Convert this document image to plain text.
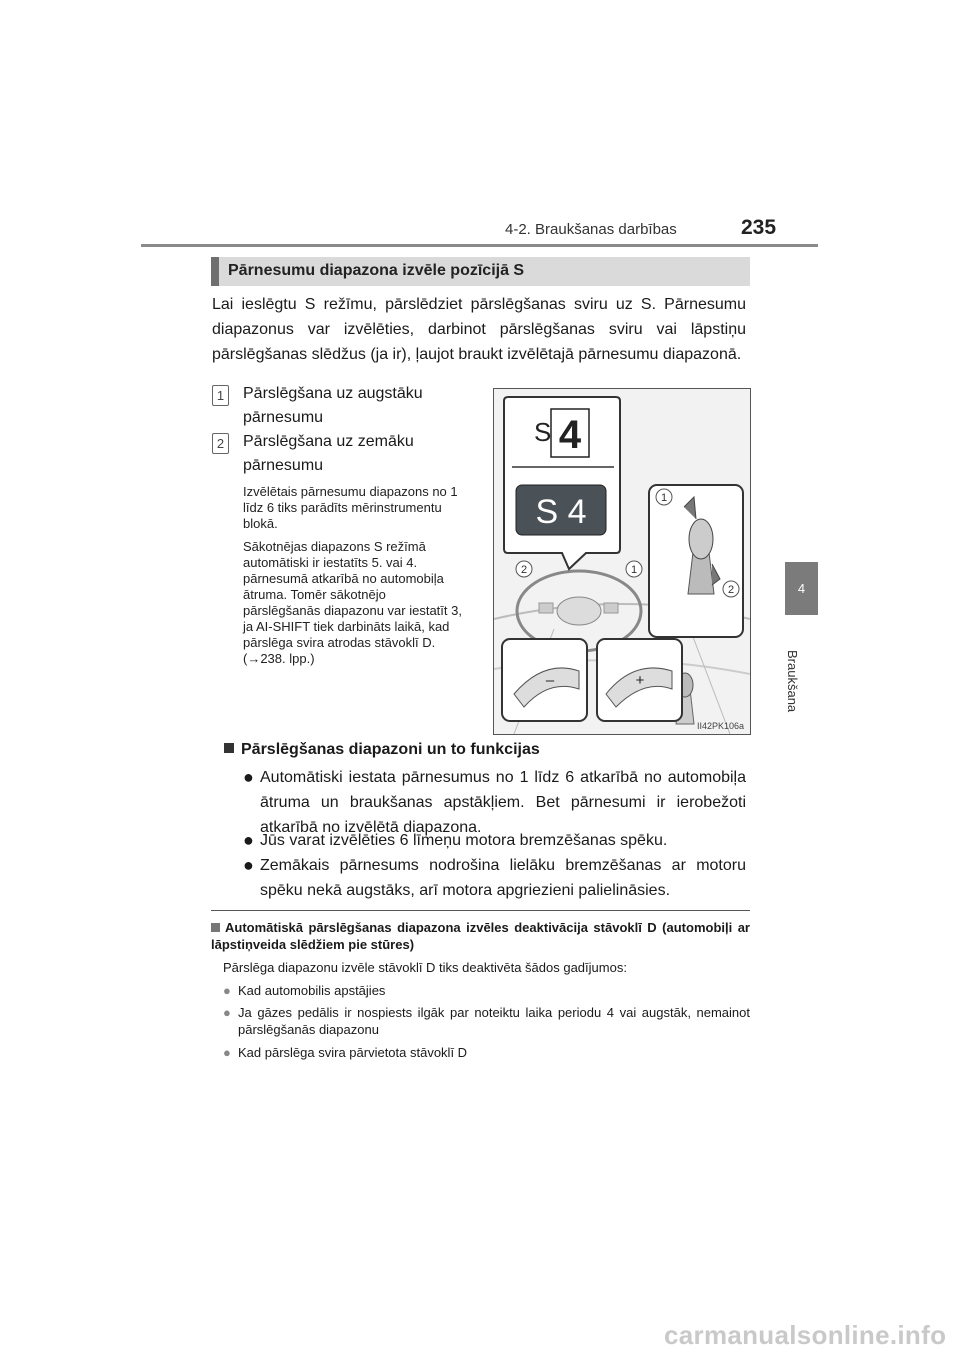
4-2. Braukšanas darbības	235
4
Braukšana
Pārnesumu diapazona izvēle pozīcijā S
Lai ieslēgtu S režīmu, pārslēdziet pārslēgšanas sviru uz S. Pārnesumu diapazonus var izvēlēties, darbinot pārslēgšanas sviru vai lāpstiņu pārslēgšanas slēdžus (ja ir), ļaujot braukt izvēlētajā pārnesumu diapazonā.
1	Pārslēgšana uz augstāku pārnesumu
2	Pārslēgšana uz zemāku pārnesumu
Izvēlētais pārnesumu diapazons no 1 līdz 6 tiks parādīts mērinstrumentu blokā.
Sākotnējas diapazons S režīmā automātiski ir iestatīts 5. vai 4. pārnesumā atkarībā no automobiļa ātruma. Tomēr sākotnējo pārslēgšanās diapazonu var iestatīt 3, ja AI-SHIFT tiek darbināts laikā, kad pārslēga svira atrodas stāvoklī D. (→238. lpp.)
2	1
S 4
S 4	1
2
–	+
II42PK106a
Pārslēgšanas diapazoni un to funkcijas
● Automātiski iestata pārnesumus no 1 līdz 6 atkarībā no automobiļa ātruma un braukšanas apstākļiem. Bet pārnesumi ir ierobežoti atkarībā no izvēlētā diapazona.
● Jūs varat izvēlēties 6 līmeņu motora bremzēšanas spēku.
● Zemākais pārnesums nodrošina lielāku bremzēšanas ar motoru spēku nekā augstāks, arī motora apgriezieni palielināsies.
Automātiskā pārslēgšanas diapazona izvēles deaktivācija stāvoklī D (automobiļi ar lāpstiņveida slēdžiem pie stūres)
Pārslēga diapazonu izvēle stāvoklī D tiks deaktivēta šādos gadījumos:
● Kad automobilis apstājies
● Ja gāzes pedālis ir nospiests ilgāk par noteiktu laika periodu 4 vai augstāk, nemainot pārslēgšanās diapazonu
● Kad pārslēga svira pārvietota stāvoklī D
carmanualsonline.info
